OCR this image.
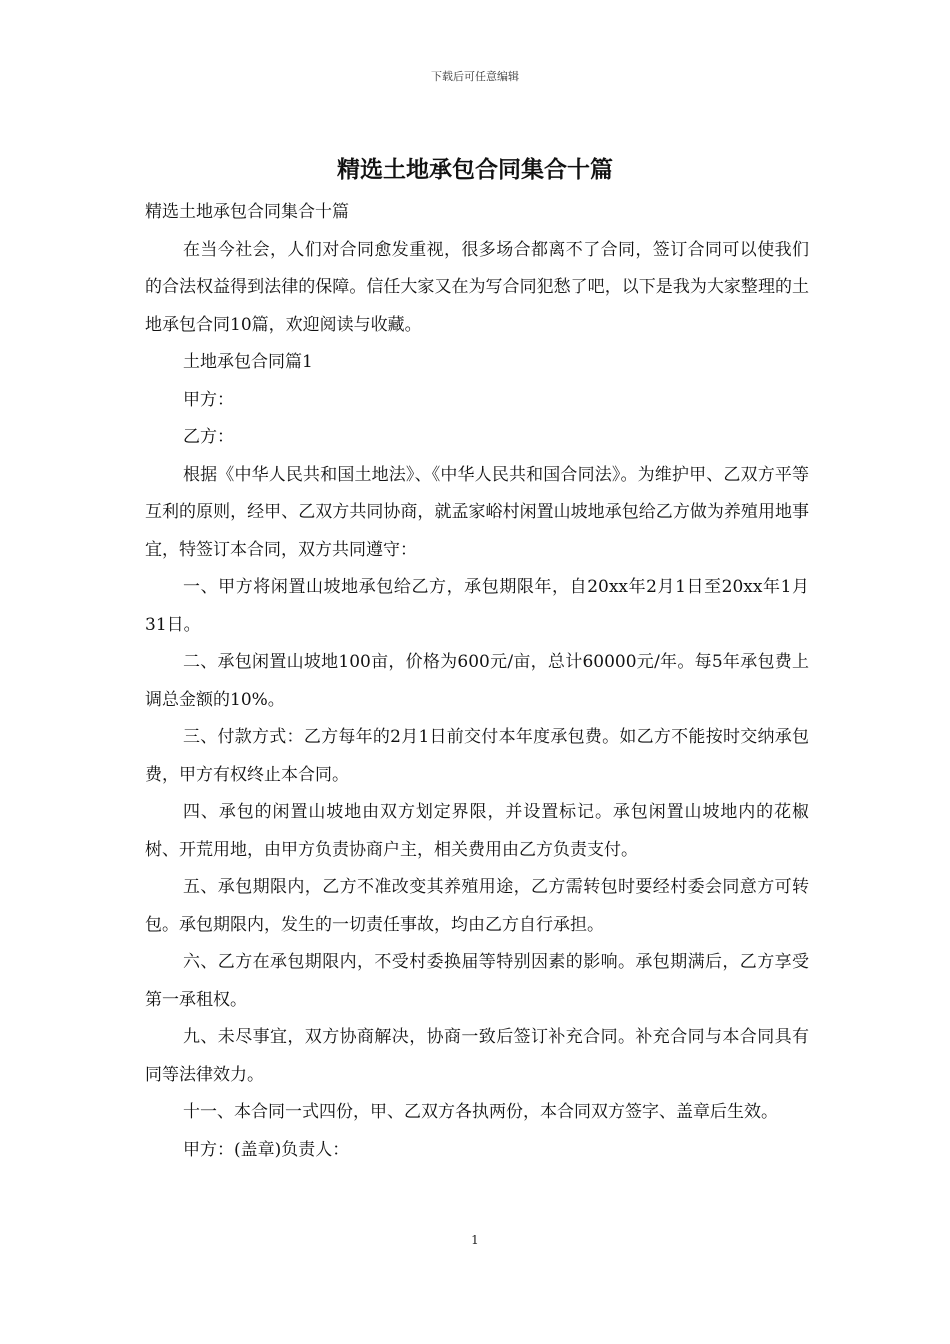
下载后可任意编辑
精选土地承包合同集合十篇

精选土地承包合同集合十篇

在当今社会，人们对合同愈发重视，很多场合都离不了合同，签订合同可以使我们的合法权益得到法律的保障。信任大家又在为写合同犯愁了吧，以下是我为大家整理的土地承包合同10篇，欢迎阅读与收藏。

土地承包合同篇1

甲方：

乙方：

根据《中华人民共和国土地法》、《中华人民共和国合同法》。为维护甲、乙双方平等互利的原则，经甲、乙双方共同协商，就孟家峪村闲置山坡地承包给乙方做为养殖用地事宜，特签订本合同，双方共同遵守：

一、甲方将闲置山坡地承包给乙方，承包期限年，自20xx年2月1日至20xx年1月31日。

二、承包闲置山坡地100亩，价格为600元/亩，总计60000元/年。每5年承包费上调总金额的10%。

三、付款方式：乙方每年的2月1日前交付本年度承包费。如乙方不能按时交纳承包费，甲方有权终止本合同。

四、承包的闲置山坡地由双方划定界限，并设置标记。承包闲置山坡地内的花椒树、开荒用地，由甲方负责协商户主，相关费用由乙方负责支付。

五、承包期限内，乙方不准改变其养殖用途，乙方需转包时要经村委会同意方可转包。承包期限内，发生的一切责任事故，均由乙方自行承担。

六、乙方在承包期限内，不受村委换届等特别因素的影响。承包期满后，乙方享受第一承租权。

九、未尽事宜，双方协商解决，协商一致后签订补充合同。补充合同与本合同具有同等法律效力。

十一、本合同一式四份，甲、乙双方各执两份，本合同双方签字、盖章后生效。

甲方：(盖章)负责人：

1
